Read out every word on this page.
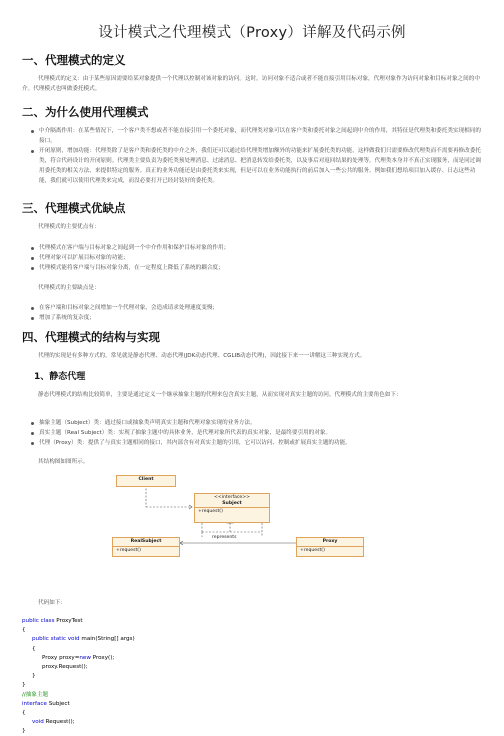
设计模式之代理模式（Proxy）详解及代码示例
一、代理模式的定义

代理模式的定义：由于某些原因需要给某对象提供一个代理以控制对该对象的访问。这时，访问对象不适合或者不能直接引用目标对象，代理对象作为访问对象和目标对象之间的中介。代理模式也叫做委托模式。

二、为什么使用代理模式
中介隔离作用：在某些情况下，一个客户类不想或者不能直接引用一个委托对象，而代理类对象可以在客户类和委托对象之间起到中介的作用，其特征是代理类和委托类实现相同的接口。
开闭原则，增加功能：代理类除了是客户类和委托类的中介之外，我们还可以通过给代理类增加额外的功能来扩展委托类的功能，这样做我们只需要修改代理类而不需要再修改委托类，符合代码设计的开闭原则。代理类主要负责为委托类预处理消息、过滤消息、把消息转发给委托类，以及事后对返回结果的处理等。代理类本身并不真正实现服务，而是同过调用委托类的相关方法，来提供特定的服务。真正的业务功能还是由委托类来实现，但是可以在业务功能执行的前后加入一些公共的服务。例如我们想给项目加入缓存、日志这些功能，我们就可以使用代理类来完成，而没必要打开已经封装好的委托类。
三、代理模式优缺点

代理模式的主要优点有：

代理模式在客户端与目标对象之间起到一个中介作用和保护目标对象的作用；
代理对象可以扩展目标对象的功能；
代理模式能将客户端与目标对象分离，在一定程度上降低了系统的耦合度；

代理模式的主要缺点是：

在客户端和目标对象之间增加一个代理对象，会造成请求处理速度变慢；
增加了系统的复杂度；
四、代理模式的结构与实现

代理的实现是有多种方式的，常见就是静态代理、动态代理(JDK动态代理、CGLIB动态代理)，因此接下来一一讲解这三种实现方式。

1、静态代理

静态代理模式的结构比较简单，主要是通过定义一个继承抽象主题的代理来包含真实主题，从而实现对真实主题的访问。代理模式的主要角色如下：

抽象主题（Subject）类：通过接口或抽象类声明真实主题和代理对象实现的业务方法。
真实主题（Real Subject）类：实现了抽象主题中的具体业务，是代理对象所代表的真实对象，是最终要引用的对象。
代理（Proxy）类：提供了与真实主题相同的接口，其内部含有对真实主题的引用，它可以访问、控制或扩展真实主题的功能。

其结构图如图所示。

Client
<<interface>>
Subject
+request()
RealSubject
+request()
represents
Proxy
+request()

代码如下：

public class ProxyTest
{
public static void main(String[] args)
{
Proxy proxy=new Proxy();
proxy.Request();
}
}
//抽象主题
interface Subject
{
void Request();
}
